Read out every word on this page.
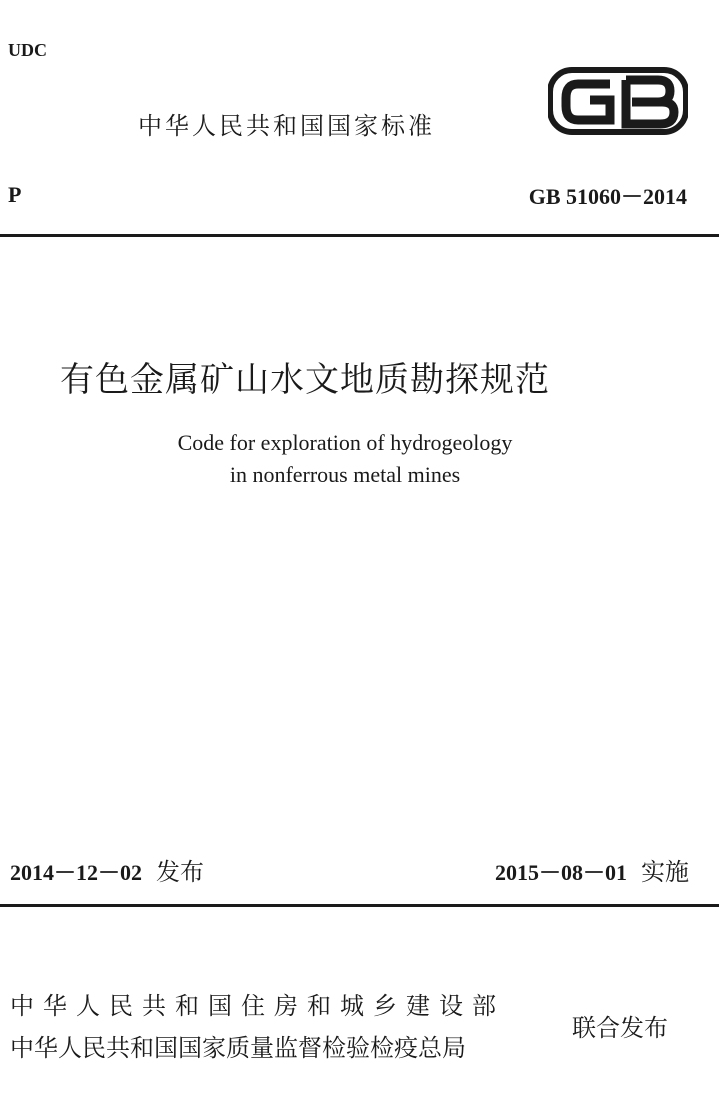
UDC
中华人民共和国国家标准
P	GB 51060－2014
有色金属矿山水文地质勘探规范
Code for exploration of hydrogeology
in nonferrous metal mines
2014－12－02 发布	2015－08－01 实施
中华人民共和国住房和城乡建设部
中华人民共和国国家质量监督检验检疫总局
联合发布
